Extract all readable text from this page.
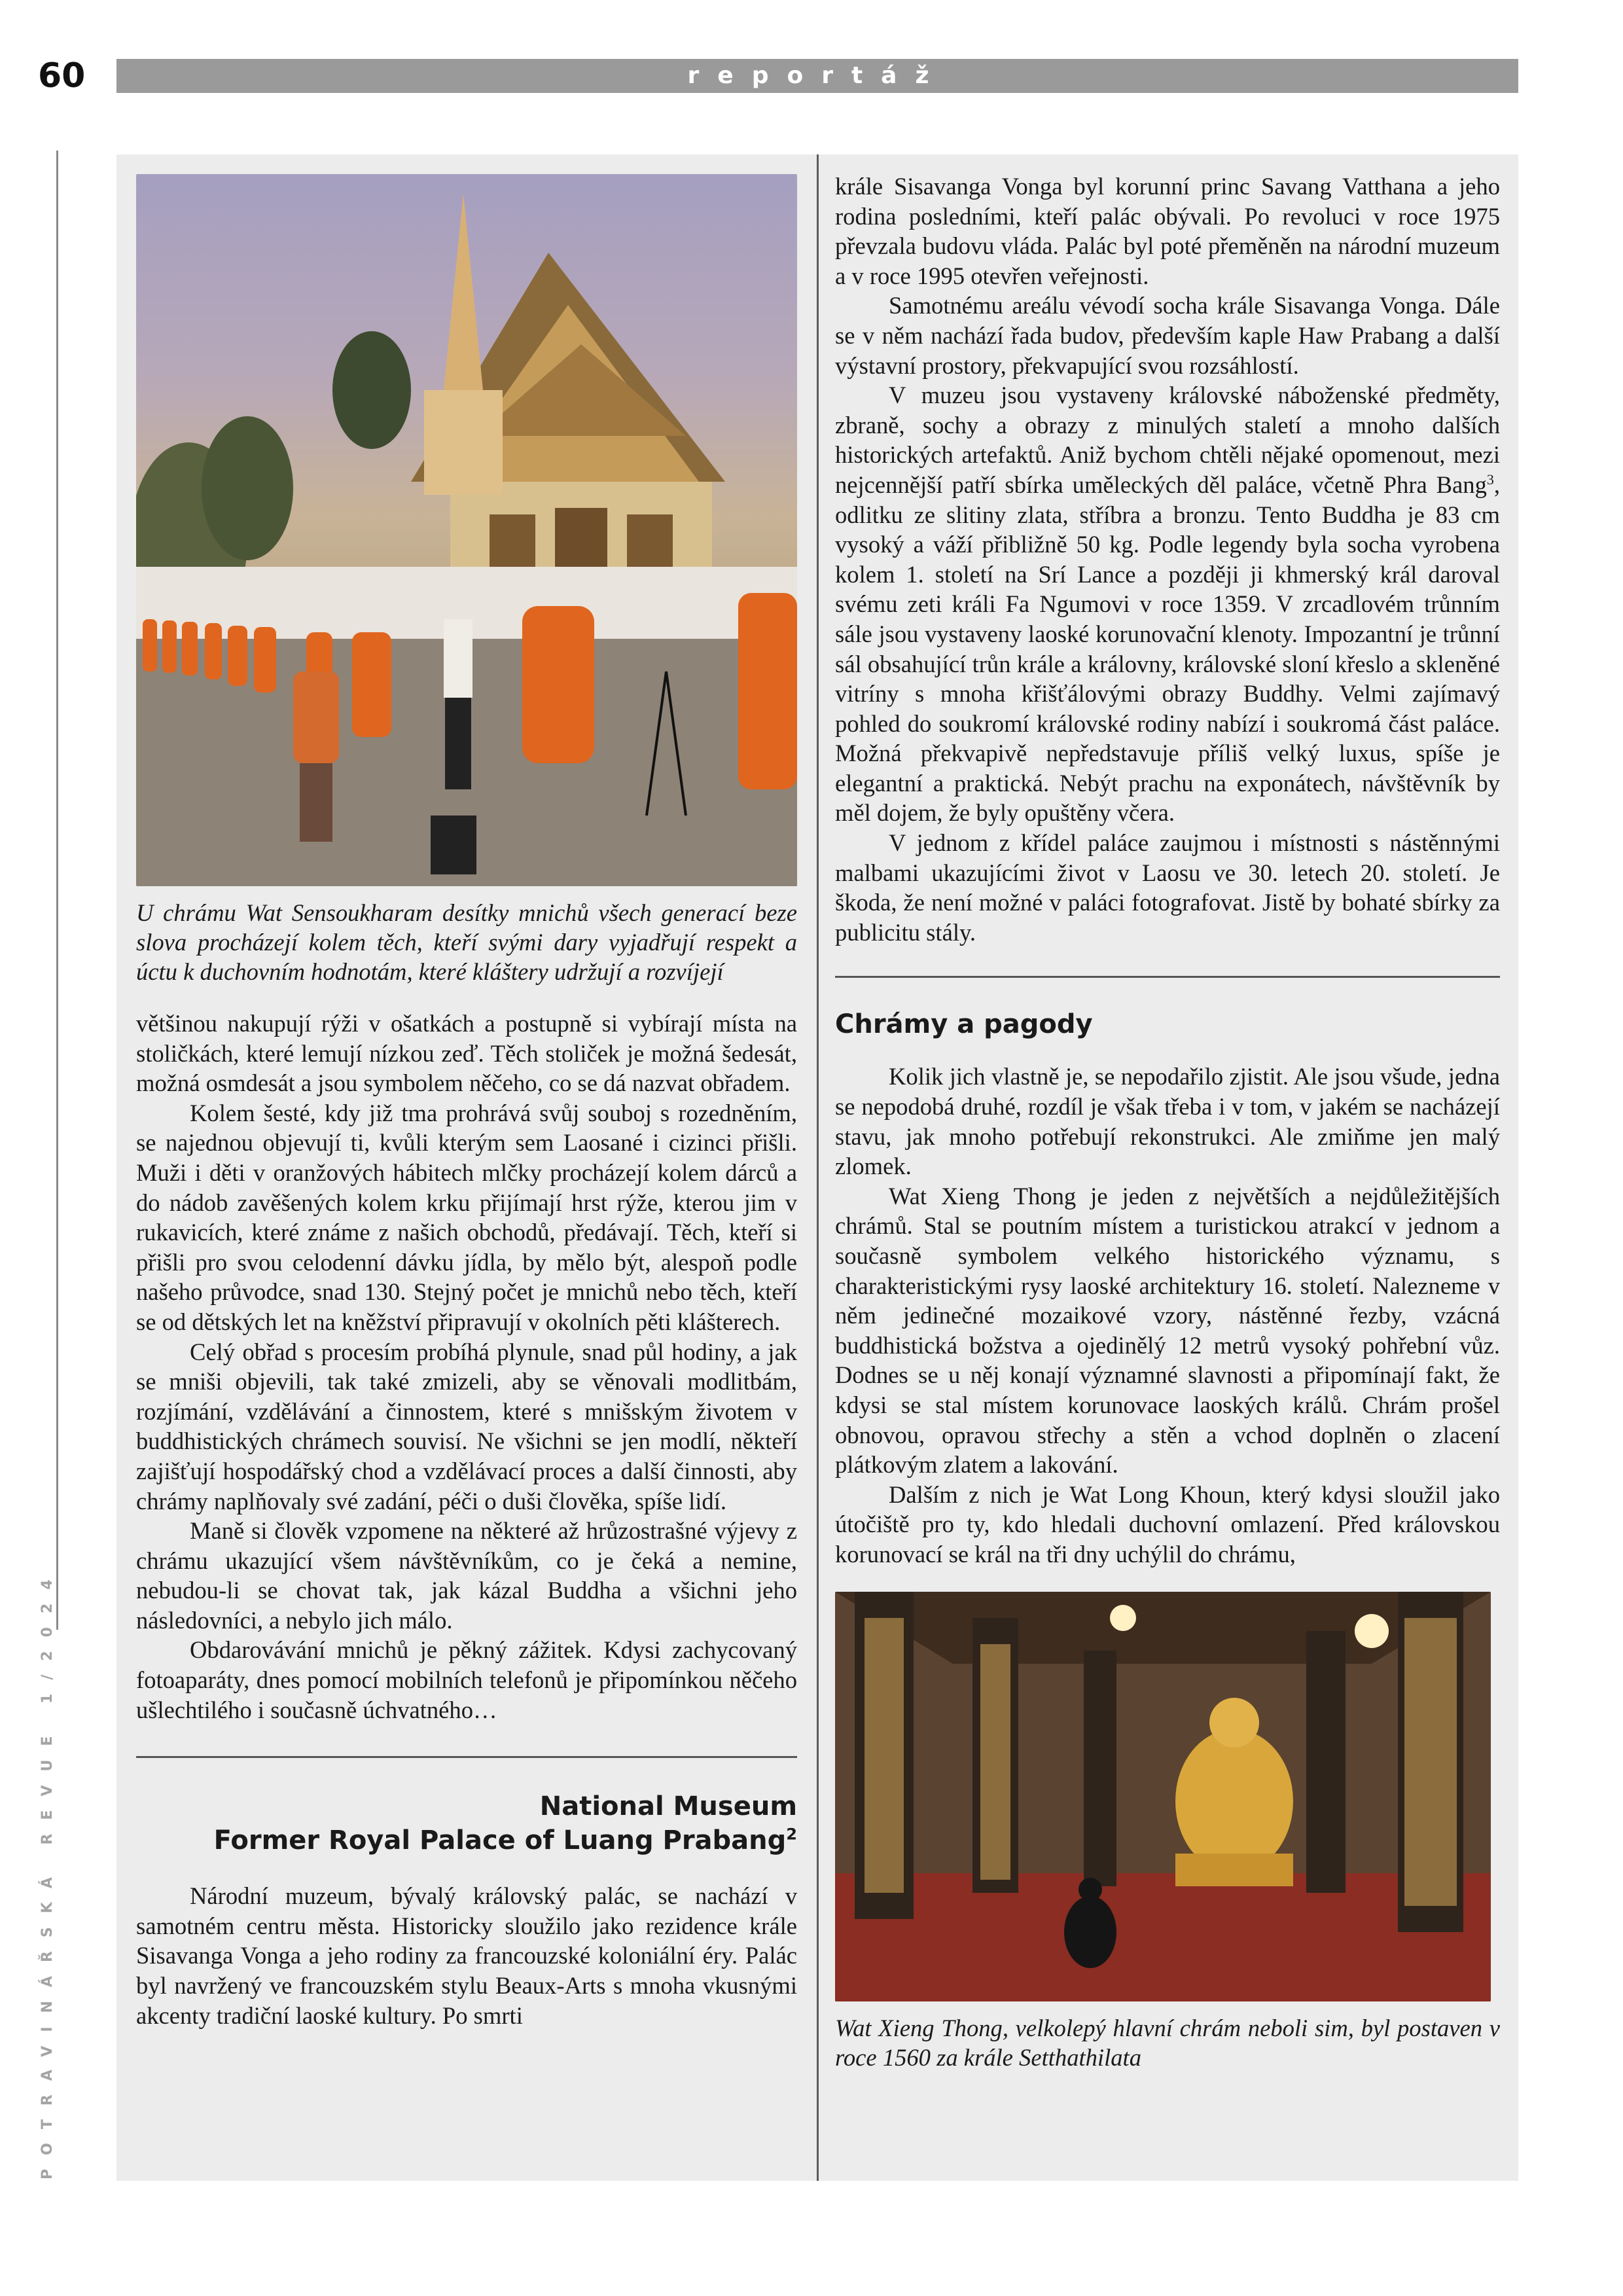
60	reportáž
POTRAVINÁŘSKÁ REVUE 1/2024

U chrámu Wat Sensoukharam desítky mnichů všech generací beze slova procházejí kolem těch, kteří svými dary vyjadřují respekt a úctu k duchovním hodnotám, které kláštery udržují a rozvíjejí

většinou nakupují rýži v ošatkách a postupně si vybírají místa na stoličkách, které lemují nízkou zeď. Těch stoliček je možná šedesát, možná osmdesát a jsou symbolem něčeho, co se dá nazvat obřadem.

Kolem šesté, kdy již tma prohrává svůj souboj s rozedněním, se najednou objevují ti, kvůli kterým sem Laosané i cizinci přišli. Muži i děti v oranžových hábitech mlčky procházejí kolem dárců a do nádob zavěšených kolem krku přijímají hrst rýže, kterou jim v rukavicích, které známe z našich obchodů, předávají. Těch, kteří si přišli pro svou celodenní dávku jídla, by mělo být, alespoň podle našeho průvodce, snad 130. Stejný počet je mnichů nebo těch, kteří se od dětských let na kněžství připravují v okolních pěti klášterech.

Celý obřad s procesím probíhá plynule, snad půl hodiny, a jak se mniši objevili, tak také zmizeli, aby se věnovali modlitbám, rozjímání, vzdělávání a činnostem, které s mnišským životem v buddhistických chrámech souvisí. Ne všichni se jen modlí, někteří zajišťují hospodářský chod a vzdělávací proces a další činnosti, aby chrámy naplňovaly své zadání, péči o duši člověka, spíše lidí.

Maně si člověk vzpomene na některé až hrůzostrašné výjevy z chrámu ukazující všem návštěvníkům, co je čeká a nemine, nebudou-li se chovat tak, jak kázal Buddha a všichni jeho následovníci, a nebylo jich málo.

Obdarovávání mnichů je pěkný zážitek. Kdysi zachycovaný fotoaparáty, dnes pomocí mobilních telefonů je připomínkou něčeho ušlechtilého i současně úchvatného…

National Museum
Former Royal Palace of Luang Prabang$^2$

Národní muzeum, bývalý královský palác, se nachází v samotném centru města. Historicky sloužilo jako rezidence krále Sisavanga Vonga a jeho rodiny za francouzské koloniální éry. Palác byl navržený ve francouzském stylu Beaux-Arts s mnoha vkusnými akcenty tradiční laoské kultury. Po smrti

krále Sisavanga Vonga byl korunní princ Savang Vatthana a jeho rodina posledními, kteří palác obývali. Po revoluci v roce 1975 převzala budovu vláda. Palác byl poté přeměněn na národní muzeum a v roce 1995 otevřen veřejnosti.

Samotnému areálu vévodí socha krále Sisavanga Vonga. Dále se v něm nachází řada budov, především kaple Haw Prabang a další výstavní prostory, překvapující svou rozsáhlostí.

V muzeu jsou vystaveny královské náboženské předměty, zbraně, sochy a obrazy z minulých staletí a mnoho dalších historických artefaktů. Aniž bychom chtěli nějaké opomenout, mezi nejcennější patří sbírka uměleckých děl paláce, včetně Phra Bang$^3$, odlitku ze slitiny zlata, stříbra a bronzu. Tento Buddha je 83 cm vysoký a váží přibližně 50 kg. Podle legendy byla socha vyrobena kolem 1. století na Srí Lance a později ji khmerský král daroval svému zeti králi Fa Ngumovi v roce 1359. V zrcadlovém trůnním sále jsou vystaveny laoské korunovační klenoty. Impozantní je trůnní sál obsahující trůn krále a královny, královské sloní křeslo a skleněné vitríny s mnoha křišťálovými obrazy Buddhy. Velmi zajímavý pohled do soukromí královské rodiny nabízí i soukromá část paláce. Možná překvapivě nepředstavuje příliš velký luxus, spíše je elegantní a praktická. Nebýt prachu na exponátech, návštěvník by měl dojem, že byly opuštěny včera.

V jednom z křídel paláce zaujmou i místnosti s nástěnnými malbami ukazujícími život v Laosu ve 30. letech 20. století. Je škoda, že není možné v paláci fotografovat. Jistě by bohaté sbírky za publicitu stály.

Chrámy a pagody

Kolik jich vlastně je, se nepodařilo zjistit. Ale jsou všude, jedna se nepodobá druhé, rozdíl je však třeba i v tom, v jakém se nacházejí stavu, jak mnoho potřebují rekonstrukci. Ale zmiňme jen malý zlomek.

Wat Xieng Thong je jeden z největších a nejdůležitějších chrámů. Stal se poutním místem a turistickou atrakcí v jednom a současně symbolem velkého historického významu, s charakteristickými rysy laoské architektury 16. století. Nalezneme v něm jedinečné mozaikové vzory, nástěnné řezby, vzácná buddhistická božstva a ojedinělý 12 metrů vysoký pohřební vůz. Dodnes se u něj konají významné slavnosti a připomínají fakt, že kdysi se stal místem korunovace laoských králů. Chrám prošel obnovou, opravou střechy a stěn a vchod doplněn o zlacení plátkovým zlatem a lakování.

Dalším z nich je Wat Long Khoun, který kdysi sloužil jako útočiště pro ty, kdo hledali duchovní omlazení. Před královskou korunovací se král na tři dny uchýlil do chrámu,

Wat Xieng Thong, velkolepý hlavní chrám neboli sim, byl postaven v roce 1560 za krále Setthathilata
